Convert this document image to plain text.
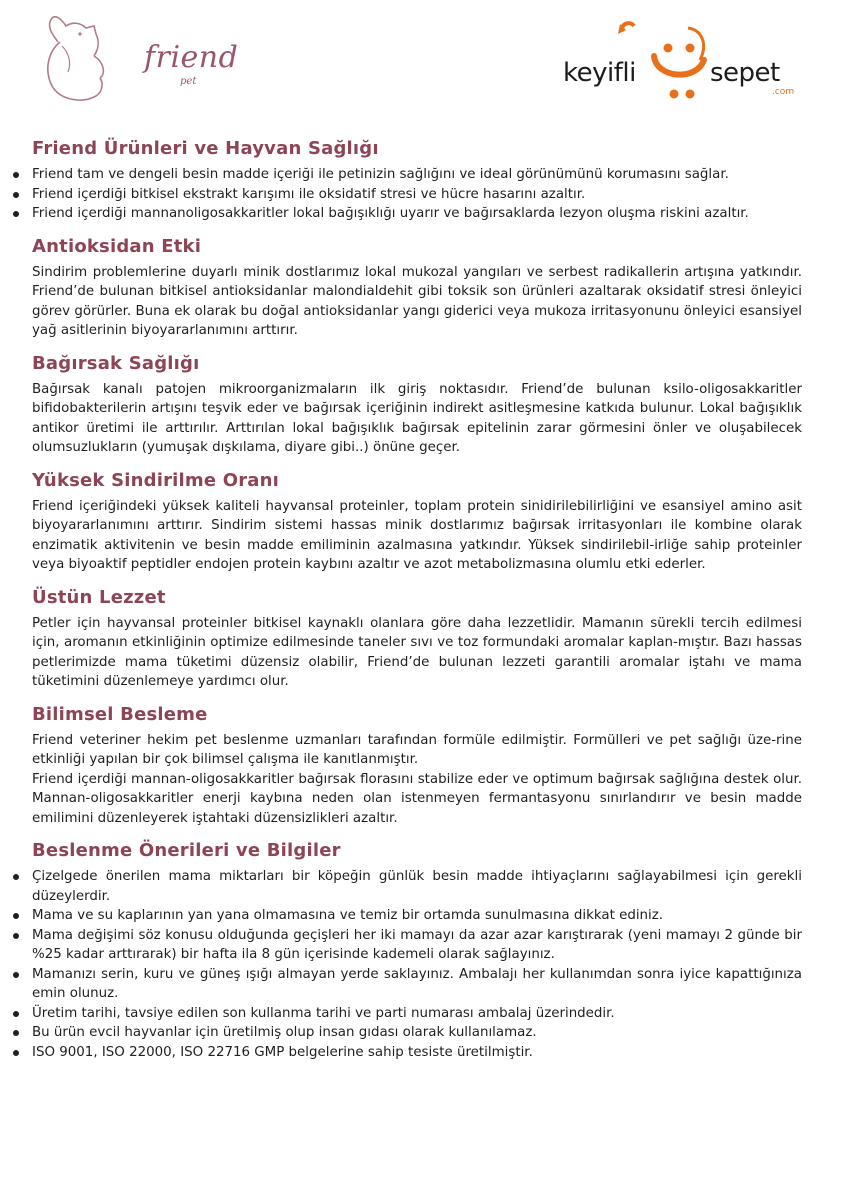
friend
pet	keyifli	sepet
.com
Friend Ürünleri ve Hayvan Sağlığı
Friend tam ve dengeli besin madde içeriği ile petinizin sağlığını ve ideal görünümünü korumasını sağlar.
Friend içerdiği bitkisel ekstrakt karışımı ile oksidatif stresi ve hücre hasarını azaltır.
Friend içerdiği mannanoligosakkaritler lokal bağışıklığı uyarır ve bağırsaklarda lezyon oluşma riskini azaltır.
Antioksidan Etki

Sindirim problemlerine duyarlı minik dostlarımız lokal mukozal yangıları ve serbest radikallerin artışına yatkındır. Friend’de bulunan bitkisel antioksidanlar malondialdehit gibi toksik son ürünleri azaltarak oksidatif stresi önleyici görev görürler. Buna ek olarak bu doğal antioksidanlar yangı giderici veya mukoza irritasyonunu önleyici esansiyel yağ asitlerinin biyoyararlanımını arttırır.

Bağırsak Sağlığı

Bağırsak kanalı patojen mikroorganizmaların ilk giriş noktasıdır. Friend’de bulunan ksilo-oligosakkaritler bifidobakterilerin artışını teşvik eder ve bağırsak içeriğinin indirekt asitleşmesine katkıda bulunur. Lokal bağışıklık antikor üretimi ile arttırılır. Arttırılan lokal bağışıklık bağırsak epitelinin zarar görmesini önler ve oluşabilecek olumsuzlukların (yumuşak dışkılama, diyare gibi..) önüne geçer.

Yüksek Sindirilme Oranı

Friend içeriğindeki yüksek kaliteli hayvansal proteinler, toplam protein sinidirilebilirliğini ve esansiyel amino asit biyoyararlanımını arttırır. Sindirim sistemi hassas minik dostlarımız bağırsak irritasyonları ile kombine olarak enzimatik aktivitenin ve besin madde emiliminin azalmasına yatkındır. Yüksek sindirilebil-irliğe sahip proteinler veya biyoaktif peptidler endojen protein kaybını azaltır ve azot metabolizmasına olumlu etki ederler.

Üstün Lezzet

Petler için hayvansal proteinler bitkisel kaynaklı olanlara göre daha lezzetlidir. Mamanın sürekli tercih edilmesi için, aromanın etkinliğinin optimize edilmesinde taneler sıvı ve toz formundaki aromalar kaplan-mıştır. Bazı hassas petlerimizde mama tüketimi düzensiz olabilir, Friend’de bulunan lezzeti garantili aromalar iştahı ve mama tüketimini düzenlemeye yardımcı olur.

Bilimsel Besleme

Friend veteriner hekim pet beslenme uzmanları tarafından formüle edilmiştir. Formülleri ve pet sağlığı üze-rine etkinliği yapılan bir çok bilimsel çalışma ile kanıtlanmıştır.

Friend içerdiği mannan-oligosakkaritler bağırsak florasını stabilize eder ve optimum bağırsak sağlığına destek olur. Mannan-oligosakkaritler enerji kaybına neden olan istenmeyen fermantasyonu sınırlandırır ve besin madde emilimini düzenleyerek iştahtaki düzensizlikleri azaltır.

Beslenme Önerileri ve Bilgiler
Çizelgede önerilen mama miktarları bir köpeğin günlük besin madde ihtiyaçlarını sağlayabilmesi için gerekli düzeylerdir.
Mama ve su kaplarının yan yana olmamasına ve temiz bir ortamda sunulmasına dikkat ediniz.
Mama değişimi söz konusu olduğunda geçişleri her iki mamayı da azar azar karıştırarak (yeni mamayı 2 günde bir %25 kadar arttırarak) bir hafta ila 8 gün içerisinde kademeli olarak sağlayınız.
Mamanızı serin, kuru ve güneş ışığı almayan yerde saklayınız. Ambalajı her kullanımdan sonra iyice kapattığınıza emin olunuz.
Üretim tarihi, tavsiye edilen son kullanma tarihi ve parti numarası ambalaj üzerindedir.
Bu ürün evcil hayvanlar için üretilmiş olup insan gıdası olarak kullanılamaz.
ISO 9001, ISO 22000, ISO 22716 GMP belgelerine sahip tesiste üretilmiştir.
